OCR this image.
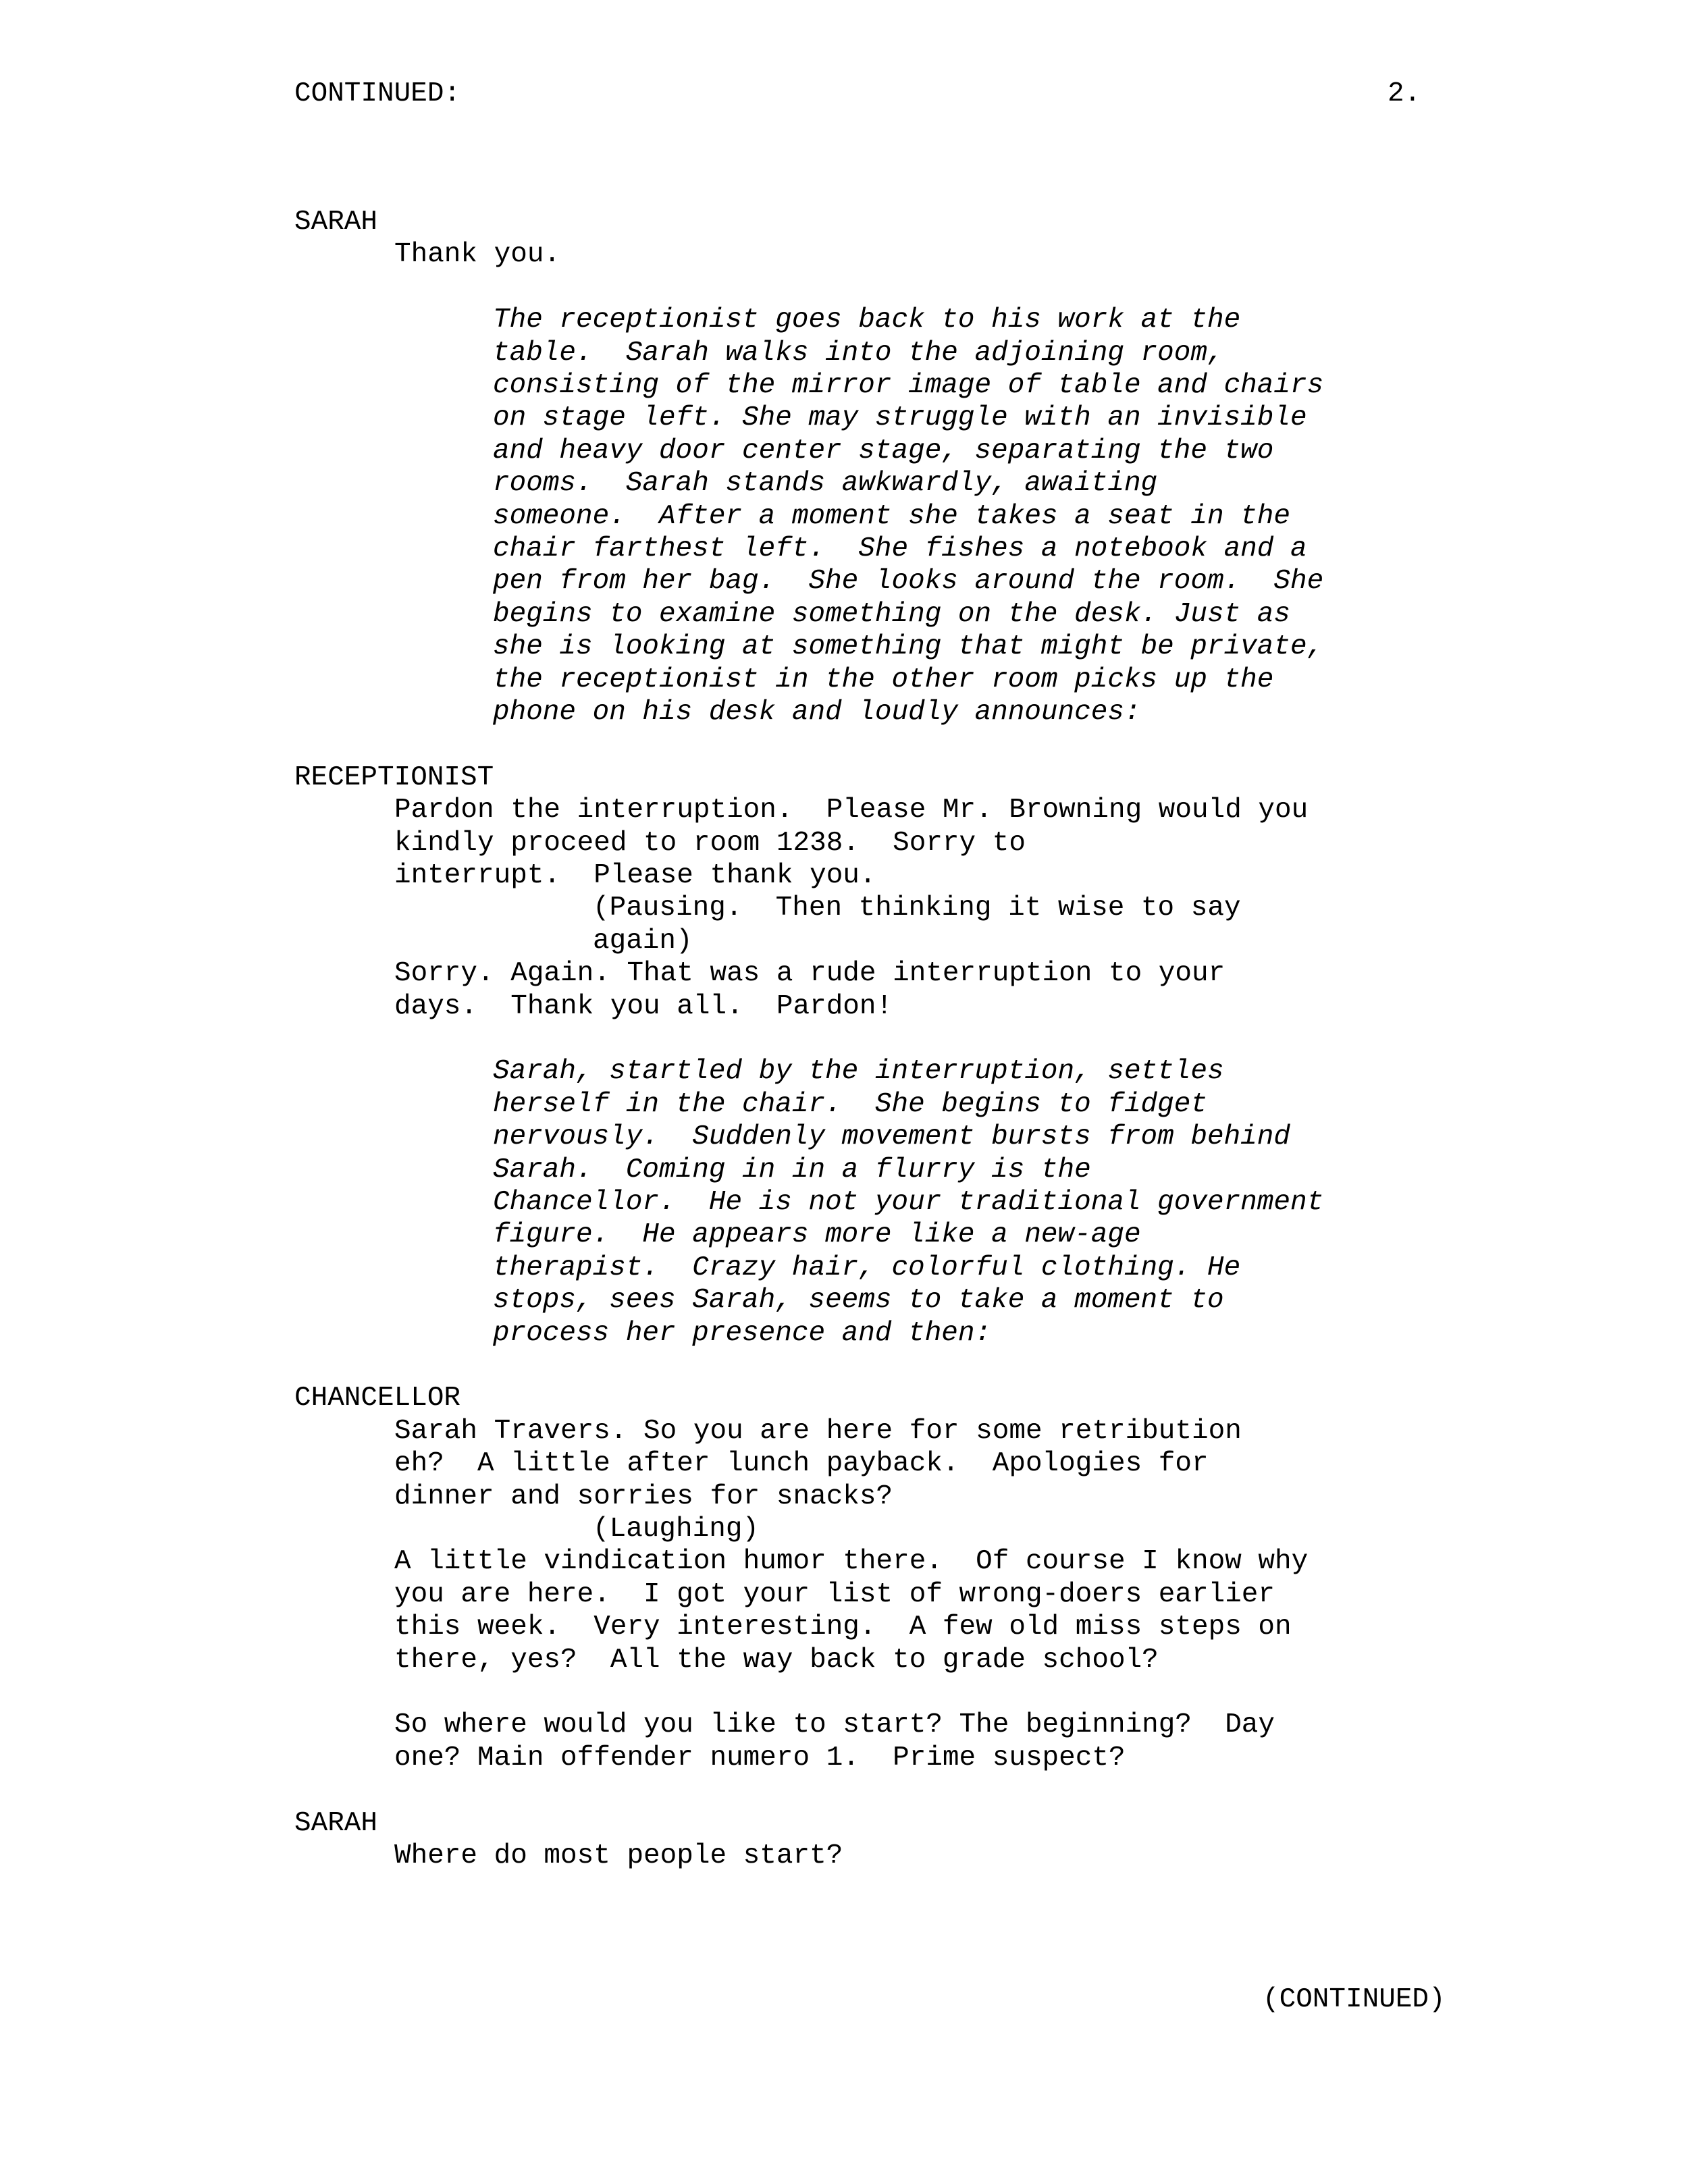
CONTINUED:	2.
SARAH
Thank you.
The receptionist goes back to his work at the
table.  Sarah walks into the adjoining room,
consisting of the mirror image of table and chairs
on stage left. She may struggle with an invisible
and heavy door center stage, separating the two
rooms.  Sarah stands awkwardly, awaiting
someone.  After a moment she takes a seat in the
chair farthest left.  She fishes a notebook and a
pen from her bag.  She looks around the room.  She
begins to examine something on the desk. Just as
she is looking at something that might be private,
the receptionist in the other room picks up the
phone on his desk and loudly announces:
RECEPTIONIST
Pardon the interruption.  Please Mr. Browning would you
kindly proceed to room 1238.  Sorry to
interrupt.  Please thank you.
(Pausing.  Then thinking it wise to say
again)
Sorry. Again. That was a rude interruption to your
days.  Thank you all.  Pardon!
Sarah, startled by the interruption, settles
herself in the chair.  She begins to fidget
nervously.  Suddenly movement bursts from behind
Sarah.  Coming in in a flurry is the
Chancellor.  He is not your traditional government
figure.  He appears more like a new-age
therapist.  Crazy hair, colorful clothing. He
stops, sees Sarah, seems to take a moment to
process her presence and then:
CHANCELLOR
Sarah Travers. So you are here for some retribution
eh?  A little after lunch payback.  Apologies for
dinner and sorries for snacks?
(Laughing)
A little vindication humor there.  Of course I know why
you are here.  I got your list of wrong-doers earlier
this week.  Very interesting.  A few old miss steps on
there, yes?  All the way back to grade school?
So where would you like to start? The beginning?  Day
one? Main offender numero 1.  Prime suspect?
SARAH
Where do most people start?
(CONTINUED)
